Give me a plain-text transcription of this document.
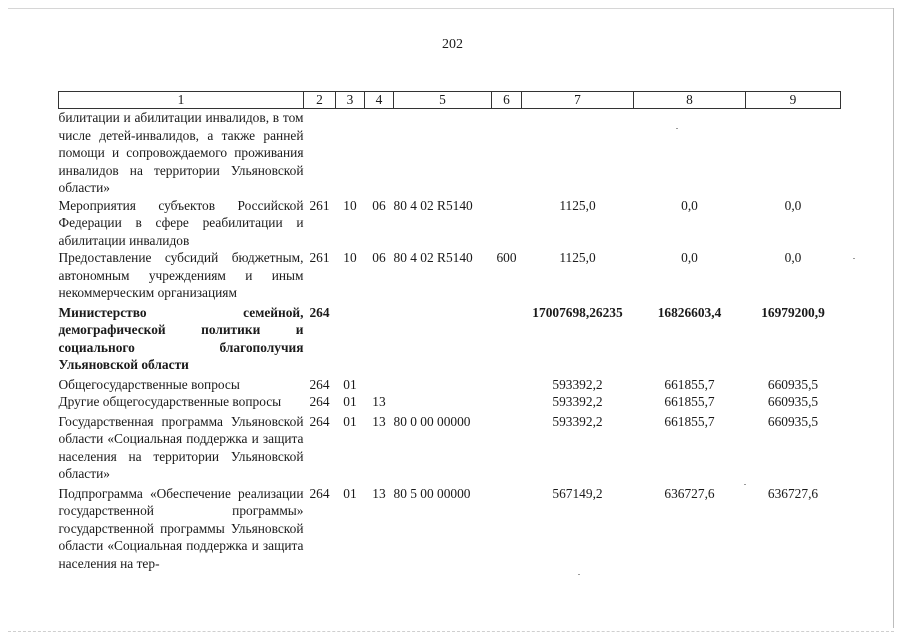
202
1	2	3	4	5	6	7	8	9
билитации и абилитации инвалидов, в том числе детей-инвалидов, а также ранней помощи и сопровождаемого проживания инвалидов на территории Ульяновской области»								
Мероприятия субъектов Российской Федерации в сфере реабилитации и абилитации инвалидов	261	10	06	80 4 02 R5140		1125,0	0,0	0,0
Предоставление субсидий бюджетным, автономным учреждениям и иным некоммерческим организациям	261	10	06	80 4 02 R5140	600	1125,0	0,0	0,0
Министерство семейной, демографической политики и социального благополучия Ульяновской области	264					17007698,26235	16826603,4	16979200,9
Общегосударственные вопросы	264	01				593392,2	661855,7	660935,5
Другие общегосударственные вопросы	264	01	13			593392,2	661855,7	660935,5
Государственная программа Ульяновской области «Социальная поддержка и защита населения на территории Ульяновской области»	264	01	13	80 0 00 00000		593392,2	661855,7	660935,5
Подпрограмма «Обеспечение реализации государственной программы» государственной программы Ульяновской области «Социальная поддержка и защита населения на тер-	264	01	13	80 5 00 00000		567149,2	636727,6	636727,6
